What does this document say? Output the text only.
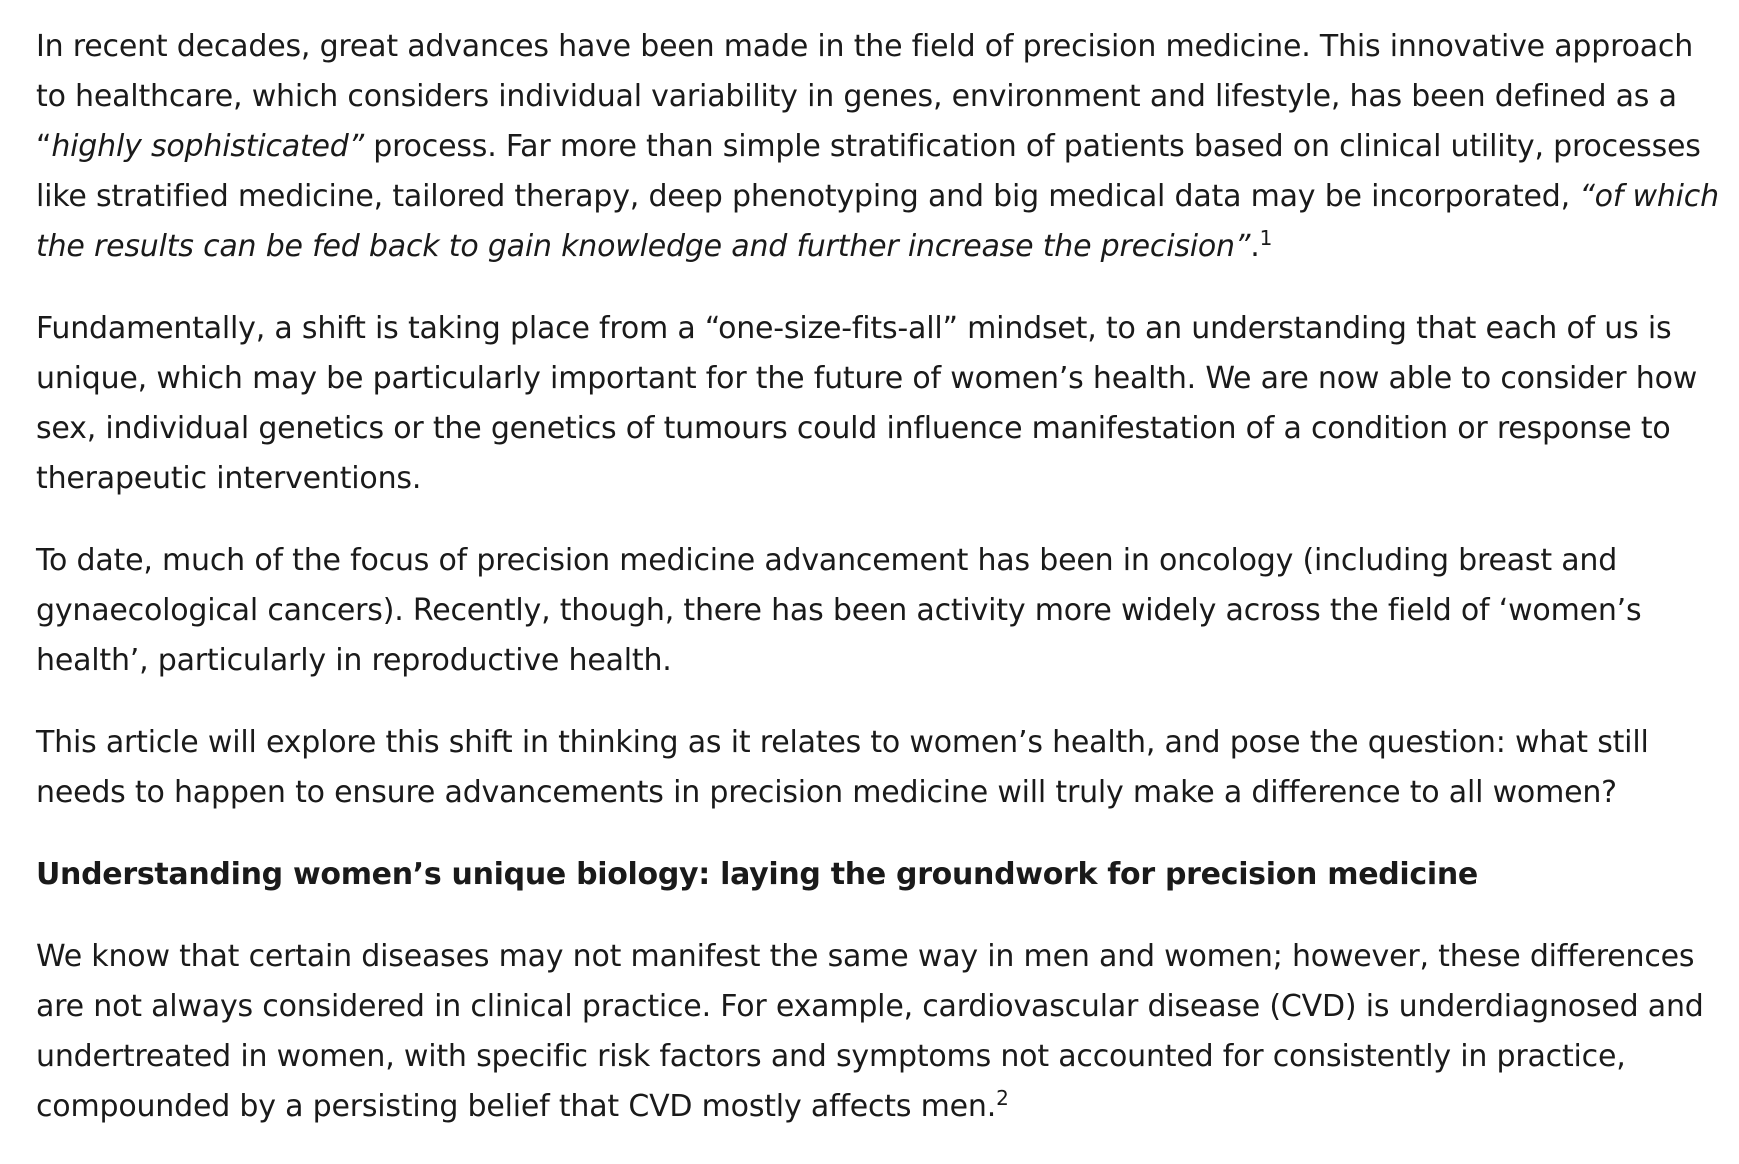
In recent decades, great advances have been made in the field of precision medicine. This innovative approach to healthcare, which considers individual variability in genes, environment and lifestyle, has been defined as a “highly sophisticated” process. Far more than simple stratification of patients based on clinical utility, processes like stratified medicine, tailored therapy, deep phenotyping and big medical data may be incorporated, “of which the results can be fed back to gain knowledge and further increase the precision”.$^1$

Fundamentally, a shift is taking place from a “one-size-fits-all” mindset, to an understanding that each of us is unique, which may be particularly important for the future of women’s health. We are now able to consider how sex, individual genetics or the genetics of tumours could influence manifestation of a condition or response to therapeutic interventions.

To date, much of the focus of precision medicine advancement has been in oncology (including breast and gynaecological cancers). Recently, though, there has been activity more widely across the field of ‘women’s health’, particularly in reproductive health.

This article will explore this shift in thinking as it relates to women’s health, and pose the question: what still needs to happen to ensure advancements in precision medicine will truly make a difference to all women?

Understanding women’s unique biology: laying the groundwork for precision medicine

We know that certain diseases may not manifest the same way in men and women; however, these differences are not always considered in clinical practice. For example, cardiovascular disease (CVD) is underdiagnosed and undertreated in women, with specific risk factors and symptoms not accounted for consistently in practice, compounded by a persisting belief that CVD mostly affects men.$^2$
